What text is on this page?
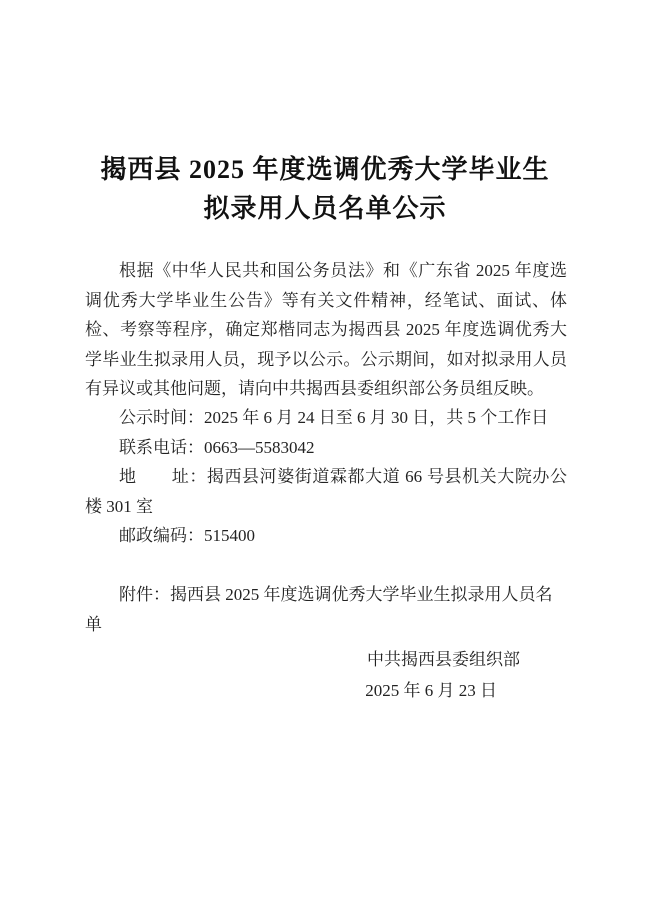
揭西县 2025 年度选调优秀大学毕业生
拟录用人员名单公示

根据《中华人民共和国公务员法》和《广东省 2025 年度选调优秀大学毕业生公告》等有关文件精神，经笔试、面试、体检、考察等程序，确定郑楷同志为揭西县 2025 年度选调优秀大学毕业生拟录用人员，现予以公示。公示期间，如对拟录用人员有异议或其他问题，请向中共揭西县委组织部公务员组反映。

公示时间：2025 年 6 月 24 日至 6 月 30 日，共 5 个工作日

联系电话：0663—5583042

地　　址：揭西县河婆街道霖都大道 66 号县机关大院办公楼 301 室

邮政编码：515400

附件：揭西县 2025 年度选调优秀大学毕业生拟录用人员名单

中共揭西县委组织部

2025 年 6 月 23 日
